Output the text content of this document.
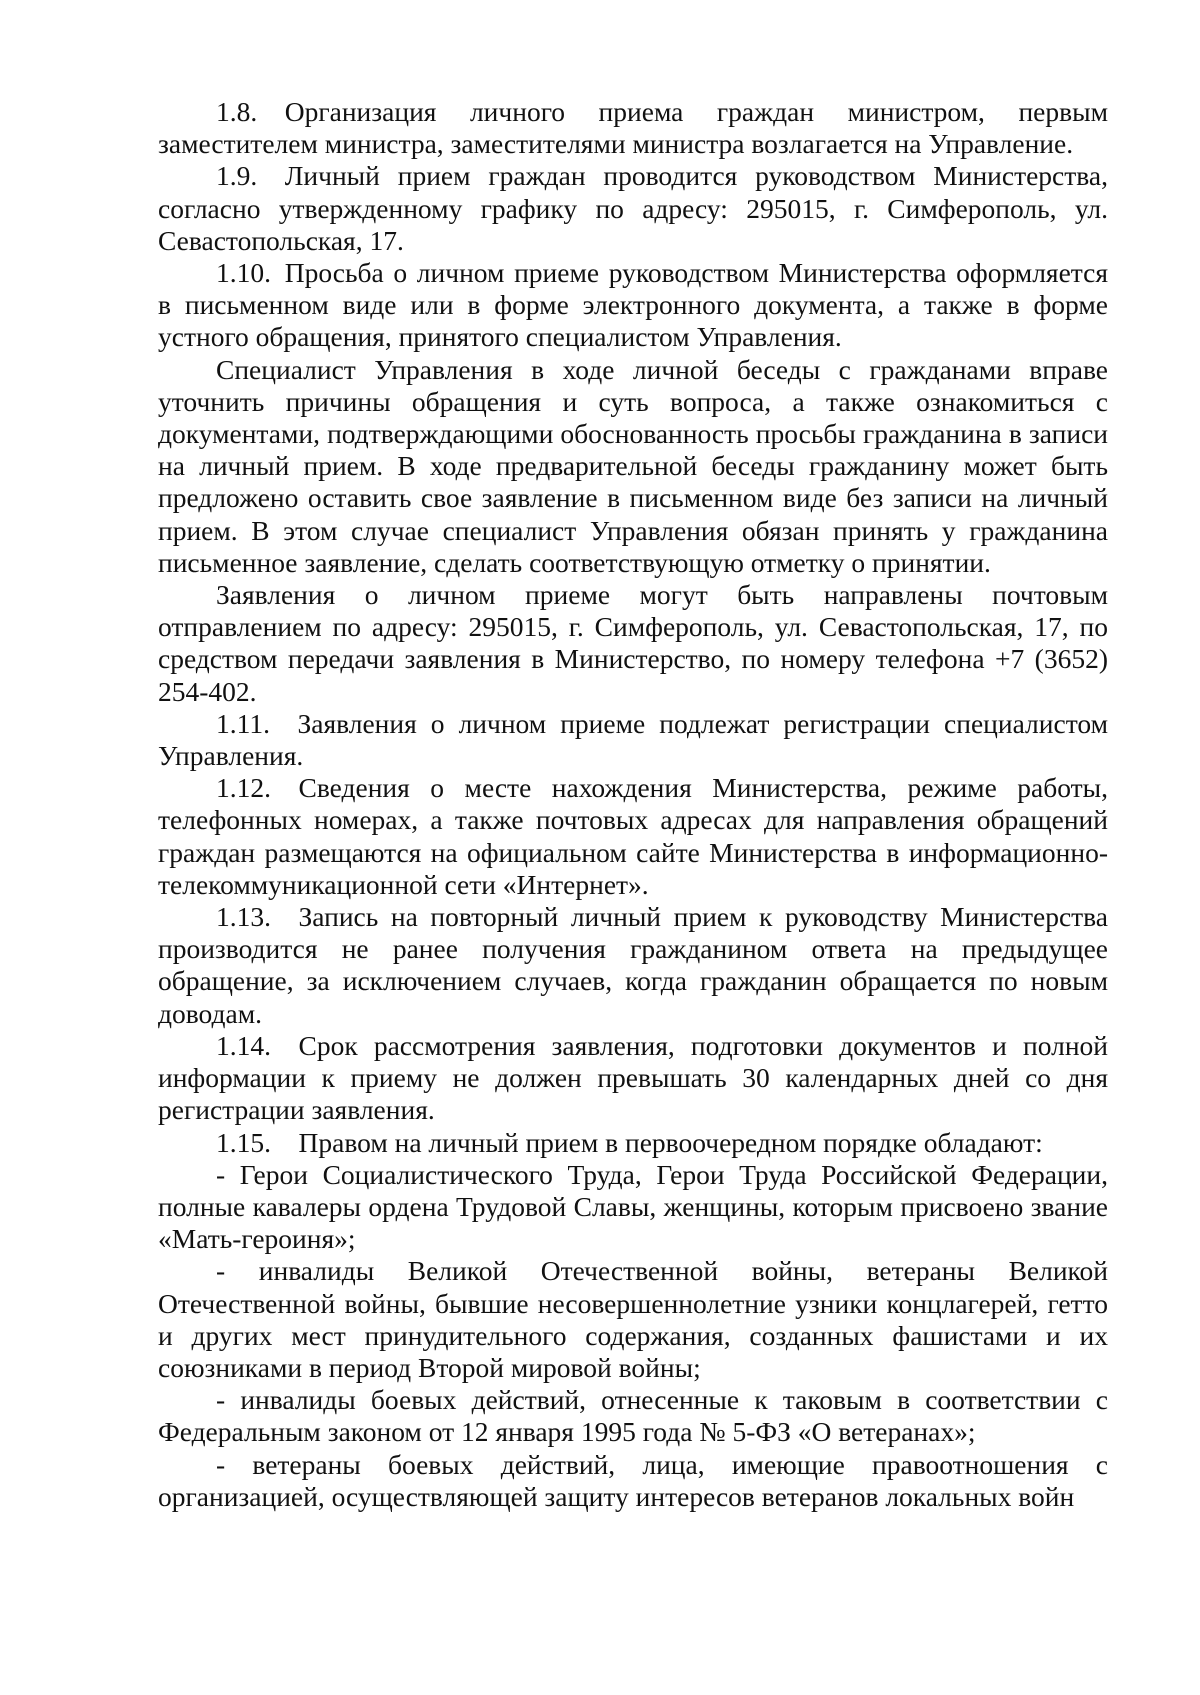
1.8. Организация личного приема граждан министром, первым заместителем министра, заместителями министра возлагается на Управление.

1.9. Личный прием граждан проводится руководством Министерства, согласно утвержденному графику по адресу: 295015, г. Симферополь, ул. Севастопольская, 17.

1.10. Просьба о личном приеме руководством Министерства оформляется в письменном виде или в форме электронного документа, а также в форме устного обращения, принятого специалистом Управления.

Специалист Управления в ходе личной беседы с гражданами вправе уточнить причины обращения и суть вопроса, а также ознакомиться с документами, подтверждающими обоснованность просьбы гражданина в записи на личный прием. В ходе предварительной беседы гражданину может быть предложено оставить свое заявление в письменном виде без записи на личный прием. В этом случае специалист Управления обязан принять у гражданина письменное заявление, сделать соответствующую отметку о принятии.

Заявления о личном приеме могут быть направлены почтовым отправлением по адресу: 295015, г. Симферополь, ул. Севастопольская, 17, по средством передачи заявления в Министерство, по номеру телефона +7 (3652) 254-402.

1.11. Заявления о личном приеме подлежат регистрации специалистом Управления.

1.12. Сведения о месте нахождения Министерства, режиме работы, телефонных номерах, а также почтовых адресах для направления обращений граждан размещаются на официальном сайте Министерства в информационно-телекоммуникационной сети «Интернет».

1.13. Запись на повторный личный прием к руководству Министерства производится не ранее получения гражданином ответа на предыдущее обращение, за исключением случаев, когда гражданин обращается по новым доводам.

1.14. Срок рассмотрения заявления, подготовки документов и полной информации к приему не должен превышать 30 календарных дней со дня регистрации заявления.

1.15. Правом на личный прием в первоочередном порядке обладают:

- Герои Социалистического Труда, Герои Труда Российской Федерации, полные кавалеры ордена Трудовой Славы, женщины, которым присвоено звание «Мать-героиня»;

- инвалиды Великой Отечественной войны, ветераны Великой Отечественной войны, бывшие несовершеннолетние узники концлагерей, гетто и других мест принудительного содержания, созданных фашистами и их союзниками в период Второй мировой войны;

- инвалиды боевых действий, отнесенные к таковым в соответствии с Федеральным законом от 12 января 1995 года № 5-ФЗ «О ветеранах»;

- ветераны боевых действий, лица, имеющие правоотношения с организацией, осуществляющей защиту интересов ветеранов локальных войн
